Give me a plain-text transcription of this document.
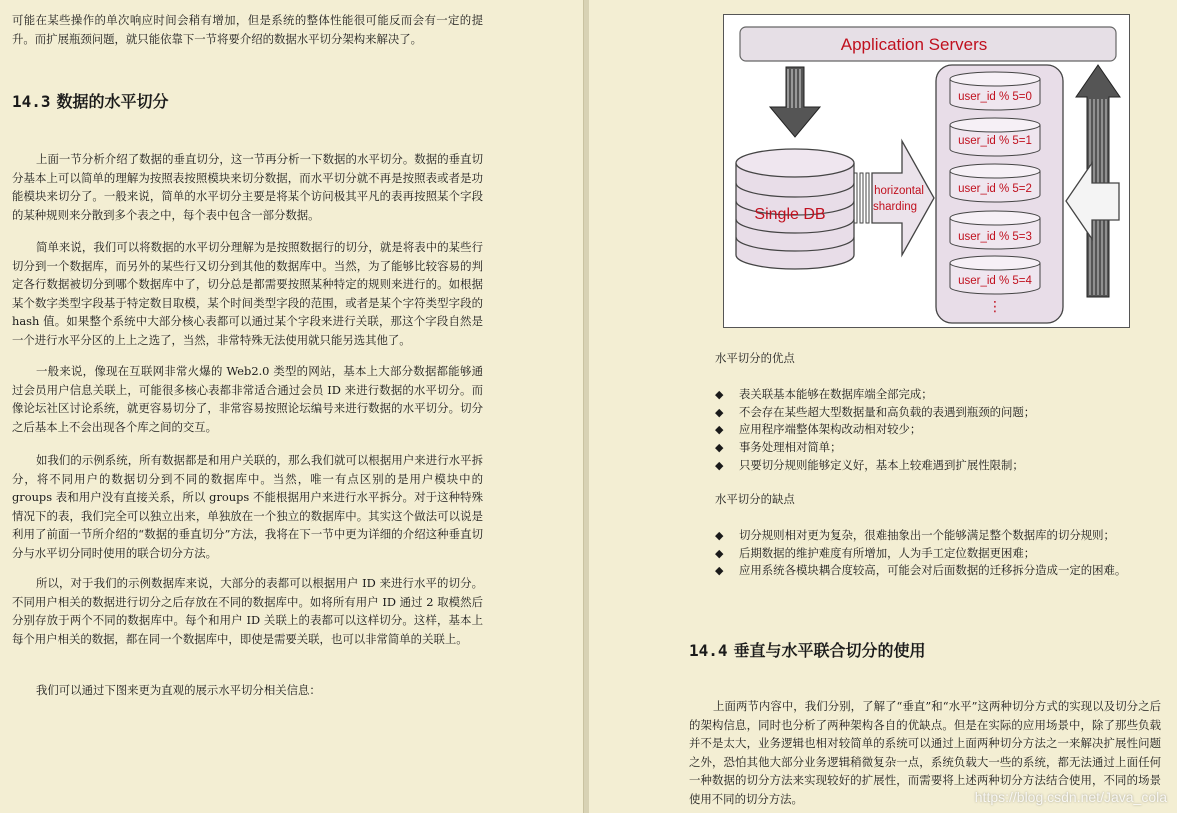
可能在某些操作的单次响应时间会稍有增加，但是系统的整体性能很可能反而会有一定的提升。而扩展瓶颈问题，就只能依靠下一节将要介绍的数据水平切分架构来解决了。

14.3 数据的水平切分

上面一节分析介绍了数据的垂直切分，这一节再分析一下数据的水平切分。数据的垂直切分基本上可以简单的理解为按照表按照模块来切分数据，而水平切分就不再是按照表或者是功能模块来切分了。一般来说，简单的水平切分主要是将某个访问极其平凡的表再按照某个字段的某种规则来分散到多个表之中，每个表中包含一部分数据。

简单来说，我们可以将数据的水平切分理解为是按照数据行的切分，就是将表中的某些行切分到一个数据库，而另外的某些行又切分到其他的数据库中。当然，为了能够比较容易的判定各行数据被切分到哪个数据库中了，切分总是都需要按照某种特定的规则来进行的。如根据某个数字类型字段基于特定数目取模，某个时间类型字段的范围，或者是某个字符类型字段的 hash 值。如果整个系统中大部分核心表都可以通过某个字段来进行关联，那这个字段自然是一个进行水平分区的上上之选了，当然，非常特殊无法使用就只能另选其他了。

一般来说，像现在互联网非常火爆的 Web2.0 类型的网站，基本上大部分数据都能够通过会员用户信息关联上，可能很多核心表都非常适合通过会员 ID 来进行数据的水平切分。而像论坛社区讨论系统，就更容易切分了，非常容易按照论坛编号来进行数据的水平切分。切分之后基本上不会出现各个库之间的交互。

如我们的示例系统，所有数据都是和用户关联的，那么我们就可以根据用户来进行水平拆分，将不同用户的数据切分到不同的数据库中。当然，唯一有点区别的是用户模块中的 groups 表和用户没有直接关系，所以 groups 不能根据用户来进行水平拆分。对于这种特殊情况下的表，我们完全可以独立出来，单独放在一个独立的数据库中。其实这个做法可以说是利用了前面一节所介绍的“数据的垂直切分”方法，我将在下一节中更为详细的介绍这种垂直切分与水平切分同时使用的联合切分方法。

所以，对于我们的示例数据库来说，大部分的表都可以根据用户 ID 来进行水平的切分。不同用户相关的数据进行切分之后存放在不同的数据库中。如将所有用户 ID 通过 2 取模然后分别存放于两个不同的数据库中。每个和用户 ID 关联上的表都可以这样切分。这样，基本上每个用户相关的数据，都在同一个数据库中，即使是需要关联，也可以非常简单的关联上。

我们可以通过下图来更为直观的展示水平切分相关信息：

Application Servers
Single DB
horizontal
sharding
user_id % 5=0
user_id % 5=1
user_id % 5=2
user_id % 5=3
user_id % 5=4
⋮
水平切分的优点
◆ 表关联基本能够在数据库端全部完成；
◆ 不会存在某些超大型数据量和高负载的表遇到瓶颈的问题；
◆ 应用程序端整体架构改动相对较少；
◆ 事务处理相对简单；
◆ 只要切分规则能够定义好，基本上较难遇到扩展性限制；
水平切分的缺点
◆ 切分规则相对更为复杂，很难抽象出一个能够满足整个数据库的切分规则；
◆ 后期数据的维护难度有所增加，人为手工定位数据更困难；
◆ 应用系统各模块耦合度较高，可能会对后面数据的迁移拆分造成一定的困难。
14.4 垂直与水平联合切分的使用

上面两节内容中，我们分别，了解了“垂直”和“水平”这两种切分方式的实现以及切分之后的架构信息，同时也分析了两种架构各自的优缺点。但是在实际的应用场景中，除了那些负载并不是太大，业务逻辑也相对较简单的系统可以通过上面两种切分方法之一来解决扩展性问题之外，恐怕其他大部分业务逻辑稍微复杂一点，系统负载大一些的系统，都无法通过上面任何一种数据的切分方法来实现较好的扩展性，而需要将上述两种切分方法结合使用，不同的场景使用不同的切分方法。	https://blog.csdn.net/Java_cola
